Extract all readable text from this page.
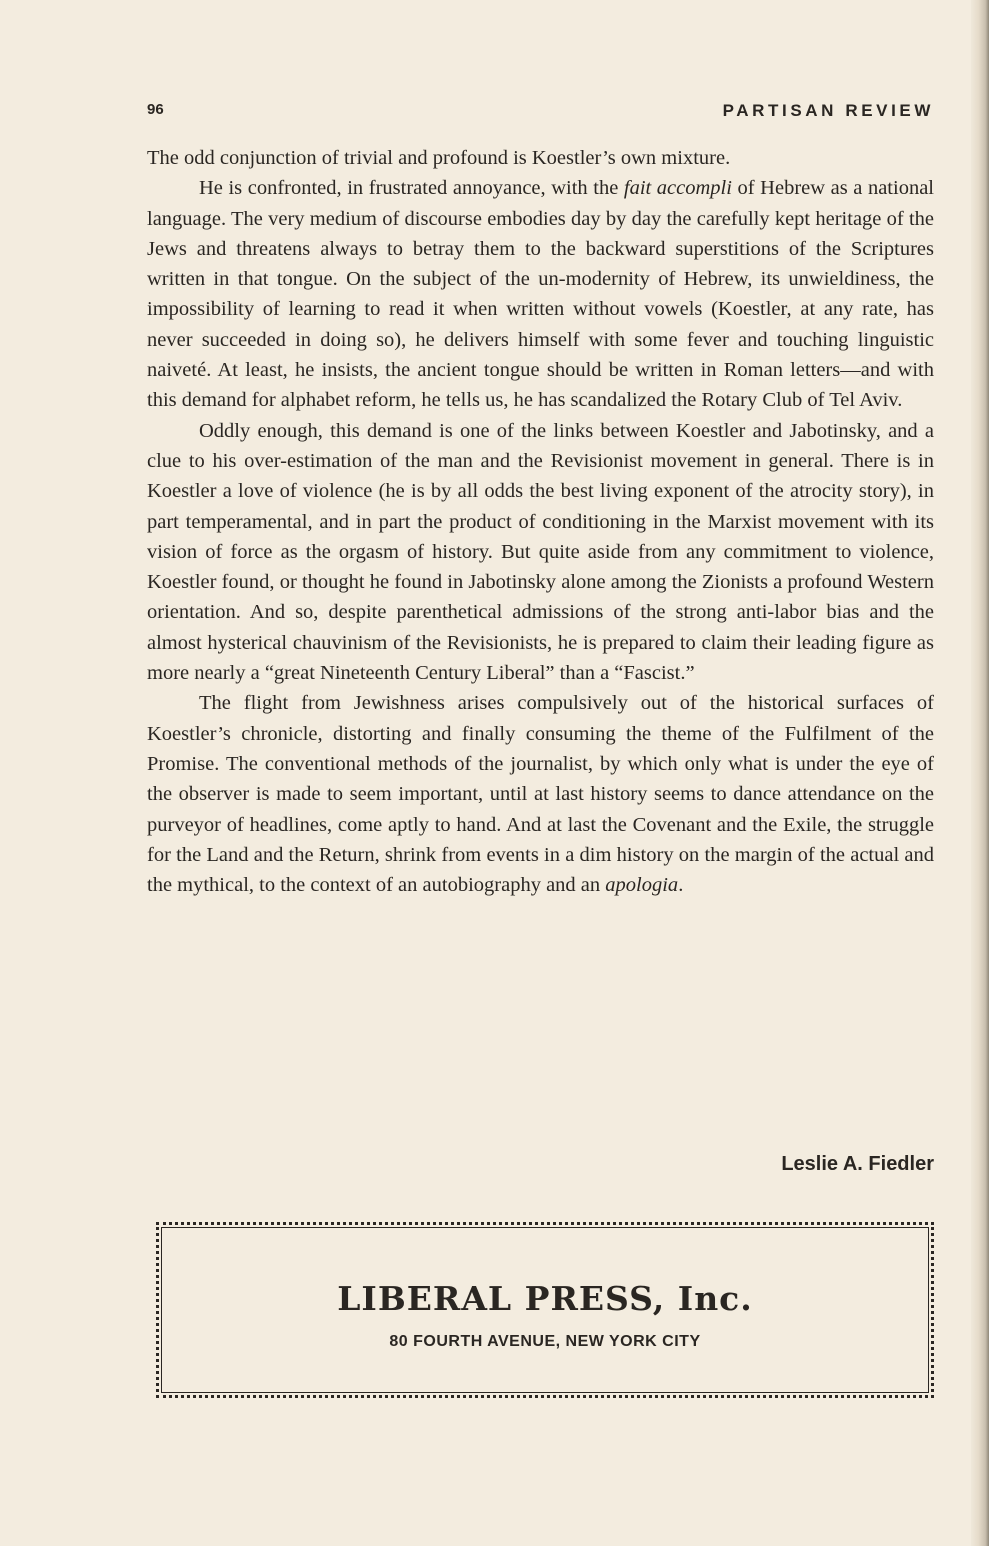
96	PARTISAN REVIEW

The odd conjunction of trivial and profound is Koestler’s own mixture.

He is confronted, in frustrated annoyance, with the fait accompli of Hebrew as a national language. The very medium of discourse embodies day by day the carefully kept heritage of the Jews and threatens always to betray them to the backward superstitions of the Scriptures written in that tongue. On the subject of the un-modernity of Hebrew, its unwieldiness, the impossibility of learning to read it when written without vowels (Koestler, at any rate, has never succeeded in doing so), he delivers himself with some fever and touching linguistic naiveté. At least, he insists, the ancient tongue should be written in Roman letters—and with this demand for alphabet reform, he tells us, he has scandalized the Rotary Club of Tel Aviv.

Oddly enough, this demand is one of the links between Koestler and Jabotinsky, and a clue to his over-estimation of the man and the Revisionist movement in general. There is in Koestler a love of violence (he is by all odds the best living exponent of the atrocity story), in part temperamental, and in part the product of conditioning in the Marxist movement with its vision of force as the orgasm of history. But quite aside from any commitment to violence, Koestler found, or thought he found in Jabotinsky alone among the Zionists a profound Western orientation. And so, despite parenthetical admissions of the strong anti-labor bias and the almost hysterical chauvinism of the Revisionists, he is prepared to claim their leading figure as more nearly a “great Nineteenth Century Liberal” than a “Fascist.”

The flight from Jewishness arises compulsively out of the historical surfaces of Koestler’s chronicle, distorting and finally consuming the theme of the Fulfilment of the Promise. The conventional methods of the journalist, by which only what is under the eye of the observer is made to seem important, until at last history seems to dance attendance on the purveyor of headlines, come aptly to hand. And at last the Covenant and the Exile, the struggle for the Land and the Return, shrink from events in a dim history on the margin of the actual and the mythical, to the context of an autobiography and an apologia.

Leslie A. Fiedler
LIBERAL PRESS, Inc.
80 FOURTH AVENUE, NEW YORK CITY
